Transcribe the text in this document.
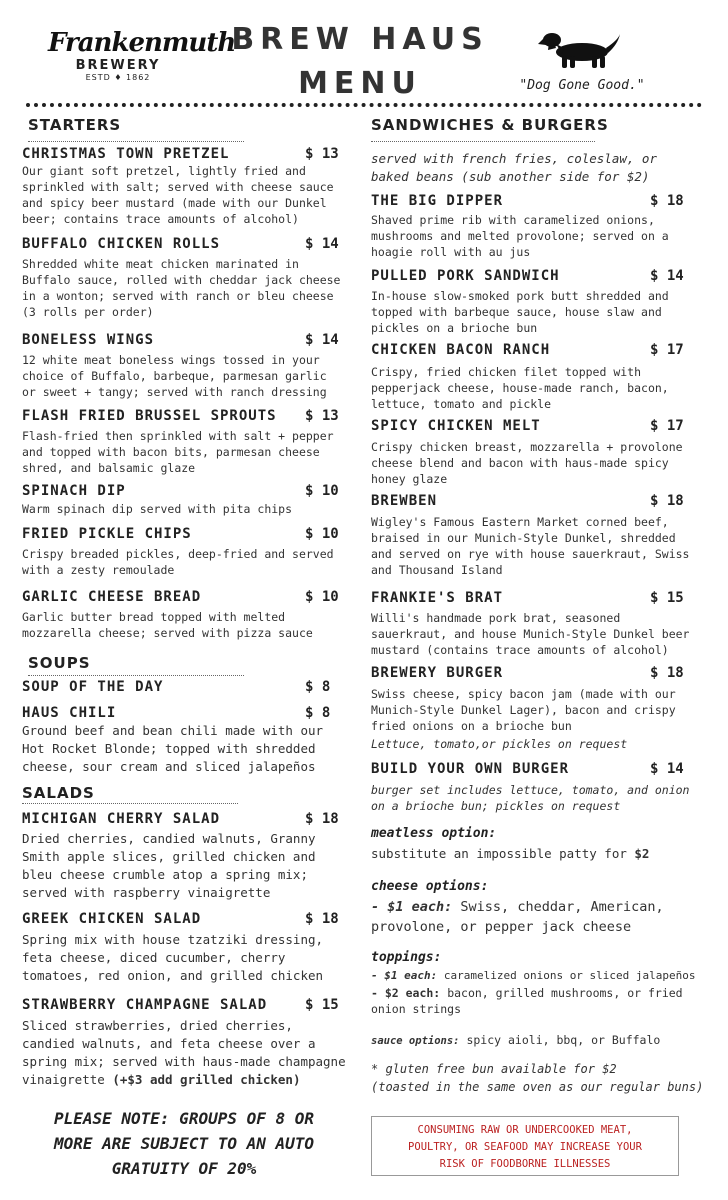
Frankenmuth
BREWERY
ESTD ♦ 1862
BREW HAUS
MENU	"Dog Gone Good."
STARTERS
CHRISTMAS TOWN PRETZEL	$ 13
Our giant soft pretzel, lightly fried and sprinkled with salt; served with cheese sauce and spicy beer mustard (made with our Dunkel beer; contains trace amounts of alcohol)
BUFFALO CHICKEN ROLLS	$ 14
Shredded white meat chicken marinated in Buffalo sauce, rolled with cheddar jack cheese in a wonton; served with ranch or bleu cheese (3 rolls per order)
BONELESS WINGS	$ 14
12 white meat boneless wings tossed in your choice of Buffalo, barbeque, parmesan garlic or sweet + tangy; served with ranch dressing
FLASH FRIED BRUSSEL SPROUTS $ 13
Flash-fried then sprinkled with salt + pepper and topped with bacon bits, parmesan cheese shred, and balsamic glaze
SPINACH DIP	$ 10
Warm spinach dip served with pita chips
FRIED PICKLE CHIPS	$ 10
Crispy breaded pickles, deep-fried and served with a zesty remoulade
GARLIC CHEESE BREAD	$ 10
Garlic butter bread topped with melted mozzarella cheese; served with pizza sauce
SOUPS
SOUP OF THE DAY	$ 8
HAUS CHILI	$ 8
Ground beef and bean chili made with our Hot Rocket Blonde; topped with shredded cheese, sour cream and sliced jalapeños
SALADS
MICHIGAN CHERRY SALAD	$ 18
Dried cherries, candied walnuts, Granny Smith apple slices, grilled chicken and bleu cheese crumble atop a spring mix; served with raspberry vinaigrette
GREEK CHICKEN SALAD	$ 18
Spring mix with house tzatziki dressing, feta cheese, diced cucumber, cherry tomatoes, red onion, and grilled chicken
STRAWBERRY CHAMPAGNE SALAD	$ 15
Sliced strawberries, dried cherries, candied walnuts, and feta cheese over a spring mix; served with haus-made champagne vinaigrette (+$3 add grilled chicken)
PLEASE NOTE: GROUPS OF 8 OR
MORE ARE SUBJECT TO AN AUTO
GRATUITY OF 20%
SANDWICHES & BURGERS
served with french fries, coleslaw, or baked beans (sub another side for $2)
THE BIG DIPPER	$ 18
Shaved prime rib with caramelized onions, mushrooms and melted provolone; served on a hoagie roll with au jus
PULLED PORK SANDWICH	$ 14
In-house slow-smoked pork butt shredded and topped with barbeque sauce, house slaw and pickles on a brioche bun
CHICKEN BACON RANCH	$ 17
Crispy, fried chicken filet topped with pepperjack cheese, house-made ranch, bacon, lettuce, tomato and pickle
SPICY CHICKEN MELT	$ 17
Crispy chicken breast, mozzarella + provolone cheese blend and bacon with haus-made spicy honey glaze
BREWBEN	$ 18
Wigley's Famous Eastern Market corned beef, braised in our Munich-Style Dunkel, shredded and served on rye with house sauerkraut, Swiss and Thousand Island
FRANKIE'S BRAT	$ 15
Willi's handmade pork brat, seasoned sauerkraut, and house Munich-Style Dunkel beer mustard (contains trace amounts of alcohol)
BREWERY BURGER	$ 18
Swiss cheese, spicy bacon jam (made with our Munich-Style Dunkel Lager), bacon and crispy fried onions on a brioche bun
Lettuce, tomato,or pickles on request
BUILD YOUR OWN BURGER	$ 14
burger set includes lettuce, tomato, and onion on a brioche bun; pickles on request
meatless option:
substitute an impossible patty for $2
cheese options:
- $1 each: Swiss, cheddar, American, provolone, or pepper jack cheese
toppings:
- $1 each: caramelized onions or sliced jalapeños
- $2 each: bacon, grilled mushrooms, or fried onion strings
sauce options: spicy aioli, bbq, or Buffalo
* gluten free bun available for $2
(toasted in the same oven as our regular buns)
CONSUMING RAW OR UNDERCOOKED MEAT,
POULTRY, OR SEAFOOD MAY INCREASE YOUR
RISK OF FOODBORNE ILLNESSES
